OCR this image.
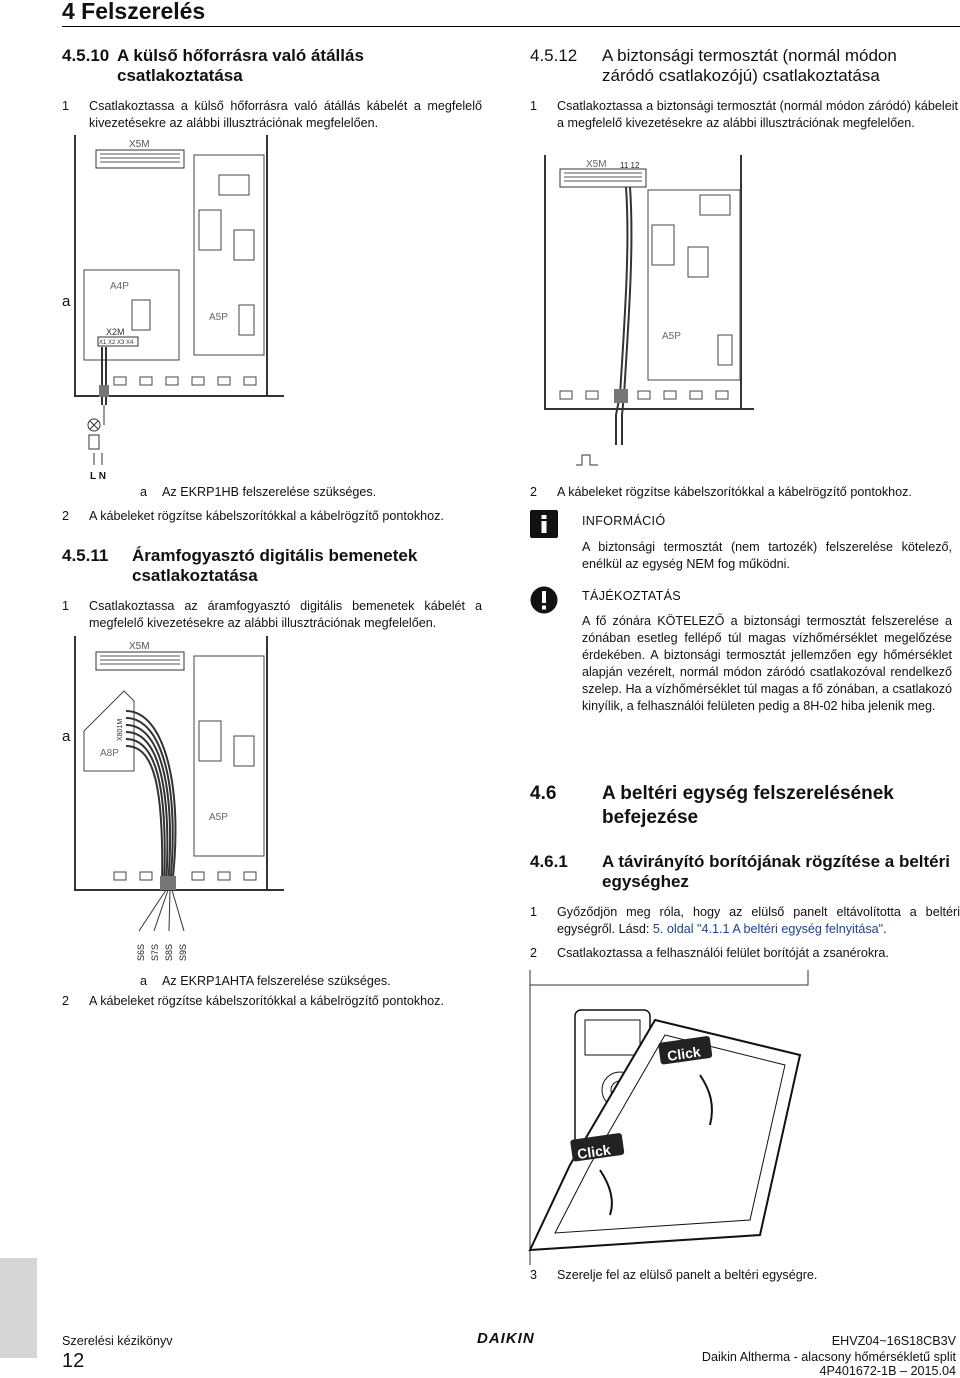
4 Felszerelés
4.5.10 A külső hőforrásra való átállás csatlakoztatása
1 Csatlakoztassa a külső hőforrásra való átállás kábelét a megfelelő kivezetésekre az alábbi illusztrációnak megfelelően.
X5M
A5P
A4P
X2M
X1 X2 X3 X4
L N
a
a Az EKRP1HB felszerelése szükséges.
2 A kábeleket rögzítse kábelszorítókkal a kábelrögzítő pontokhoz.
4.5.11 Áramfogyasztó digitális bemenetek csatlakoztatása
1 Csatlakoztassa az áramfogyasztó digitális bemenetek kábelét a megfelelő kivezetésekre az alábbi illusztrációnak megfelelően.
X5M
A5P
A8P
X801M
S6S S7S S8S S9S
a
a Az EKRP1AHTA felszerelése szükséges.
2 A kábeleket rögzítse kábelszorítókkal a kábelrögzítő pontokhoz.
4.5.12 A biztonsági termosztát (normál módon záródó csatlakozójú) csatlakoztatása
1 Csatlakoztassa a biztonsági termosztát (normál módon záródó) kábeleit a megfelelő kivezetésekre az alábbi illusztrációnak megfelelően.
X5M 11 12
A5P
2 A kábeleket rögzítse kábelszorítókkal a kábelrögzítő pontokhoz.
INFORMÁCIÓ
A biztonsági termosztát (nem tartozék) felszerelése kötelező, enélkül az egység NEM fog működni.
TÁJÉKOZTATÁS
A fő zónára KÖTELEZŐ a biztonsági termosztát felszerelése a zónában esetleg fellépő túl magas vízhőmérséklet megelőzése érdekében. A biztonsági termosztát jellemzően egy hőmérséklet alapján vezérelt, normál módon záródó csatlakozóval rendelkező szelep. Ha a vízhőmérséklet túl magas a fő zónában, a csatlakozó kinyílik, a felhasználói felületen pedig a 8H-02 hiba jelenik meg.
4.6 A beltéri egység felszerelésének befejezése
4.6.1 A távirányító borítójának rögzítése a beltéri egységhez
1 Győződjön meg róla, hogy az elülső panelt eltávolította a beltéri egységről. Lásd: 5. oldal "4.1.1 A beltéri egység felnyitása".
2 Csatlakoztassa a felhasználói felület borítóját a zsanérokra.
Click
Click
3 Szerelje fel az elülső panelt a beltéri egységre.
Szerelési kézikönyv
12
DAIKIN	EHVZ04~16S18CB3V
Daikin Altherma - alacsony hőmérsékletű split
4P401672-1B – 2015.04
